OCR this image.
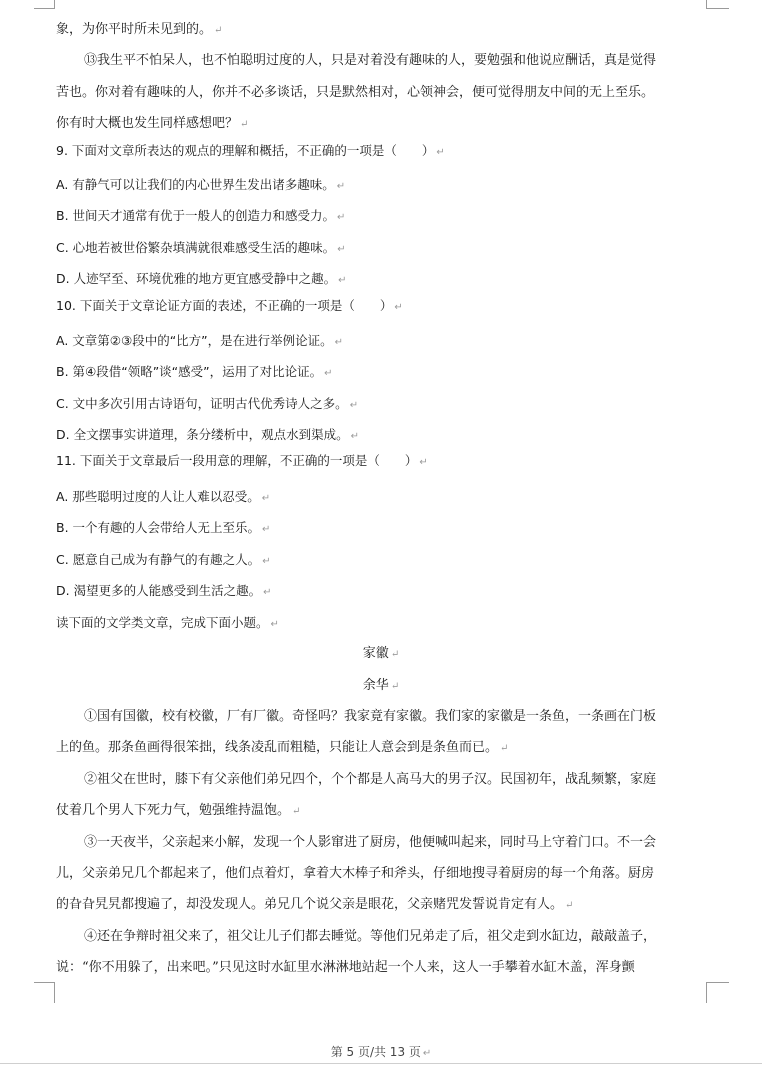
象，为你平时所未见到的。 ↵
⑬我生平不怕呆人，也不怕聪明过度的人，只是对着没有趣味的人，要勉强和他说应酬话，真是觉得
苦也。你对着有趣味的人，你并不必多谈话，只是默然相对，心领神会，便可觉得朋友中间的无上至乐。
你有时大概也发生同样感想吧？ ↵
9. 下面对文章所表达的观点的理解和概括，不正确的一项是（　　） ↵
A. 有静气可以让我们的内心世界生发出诸多趣味。 ↵
B. 世间天才通常有优于一般人的创造力和感受力。 ↵
C. 心地若被世俗繁杂填满就很难感受生活的趣味。 ↵
D. 人迹罕至、环境优雅的地方更宜感受静中之趣。 ↵
10. 下面关于文章论证方面的表述，不正确的一项是（　　） ↵
A. 文章第②③段中的“比方”，是在进行举例论证。 ↵
B. 第④段借“领略”谈“感受”，运用了对比论证。 ↵
C. 文中多次引用古诗语句，证明古代优秀诗人之多。 ↵
D. 全文摆事实讲道理，条分缕析中，观点水到渠成。 ↵
11. 下面关于文章最后一段用意的理解，不正确的一项是（　　） ↵
A. 那些聪明过度的人让人难以忍受。 ↵
B. 一个有趣的人会带给人无上至乐。 ↵
C. 愿意自己成为有静气的有趣之人。 ↵
D. 渴望更多的人能感受到生活之趣。 ↵
读下面的文学类文章，完成下面小题。 ↵
家徽 ↵
余华 ↵
①国有国徽，校有校徽，厂有厂徽。奇怪吗？我家竟有家徽。我们家的家徽是一条鱼，一条画在门板
上的鱼。那条鱼画得很笨拙，线条凌乱而粗糙，只能让人意会到是条鱼而已。 ↵
②祖父在世时，膝下有父亲他们弟兄四个，个个都是人高马大的男子汉。民国初年，战乱频繁，家庭
仗着几个男人下死力气，勉强维持温饱。 ↵
③一天夜半，父亲起来小解，发现一个人影窜进了厨房，他便喊叫起来，同时马上守着门口。不一会
儿，父亲弟兄几个都起来了，他们点着灯，拿着大木棒子和斧头，仔细地搜寻着厨房的每一个角落。厨房
的旮旮旯旯都搜遍了，却没发现人。弟兄几个说父亲是眼花，父亲赌咒发誓说肯定有人。 ↵
④还在争辩时祖父来了，祖父让儿子们都去睡觉。等他们兄弟走了后，祖父走到水缸边，敲敲盖子，
说：“你不用躲了，出来吧。”只见这时水缸里水淋淋地站起一个人来，这人一手攀着水缸木盖，浑身颤
第 5 页/共 13 页 ↵
